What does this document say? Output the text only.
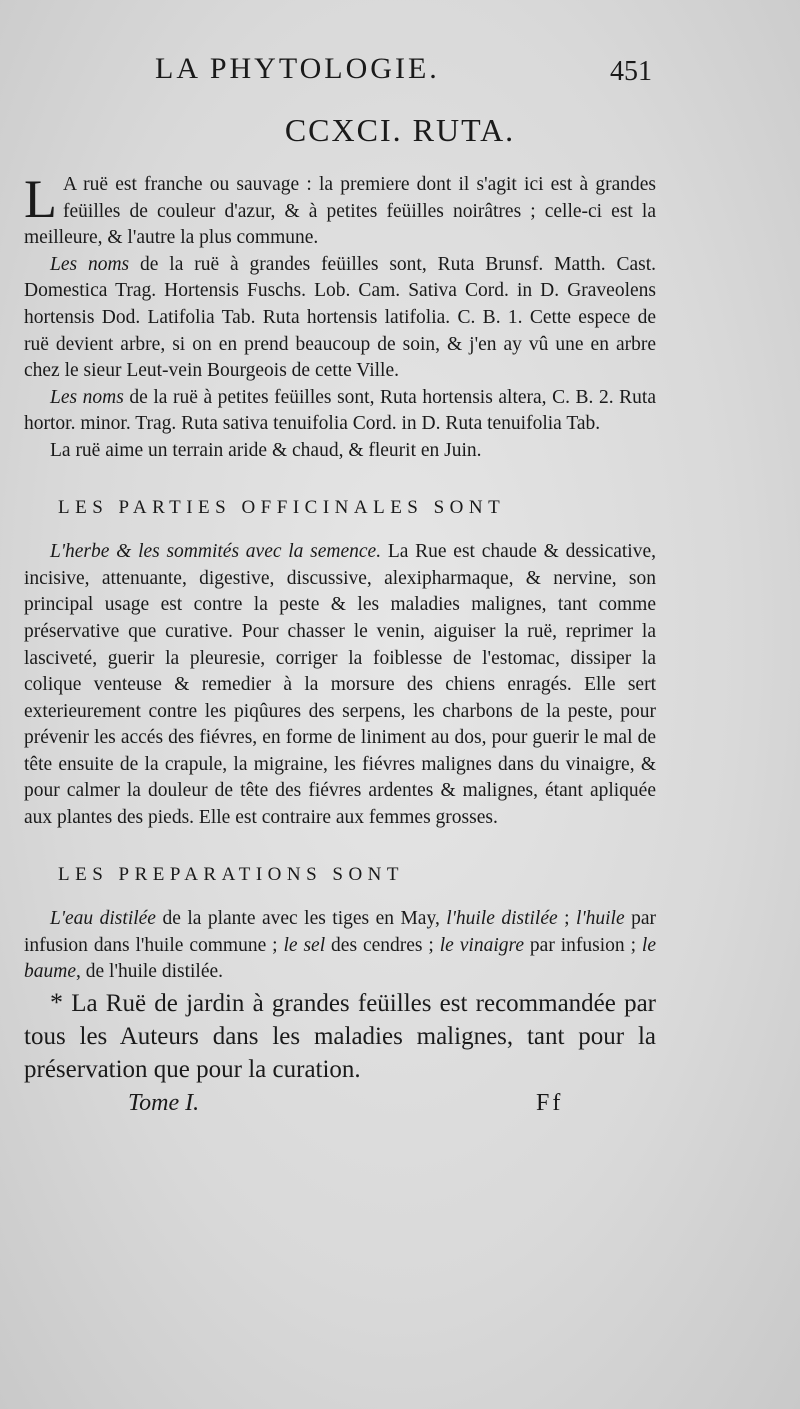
LA PHYTOLOGIE.	451
CCXCI. RUTA.

L A ruë est franche ou sauvage : la premiere dont il s'agit ici est à grandes feüilles de couleur d'azur, & à petites feüilles noirâtres ; celle-ci est la meilleure, & l'autre la plus commune.

Les noms de la ruë à grandes feüilles sont, Ruta Brunsf. Matth. Cast. Domestica Trag. Hortensis Fuschs. Lob. Cam. Sativa Cord. in D. Graveolens hortensis Dod. Latifolia Tab. Ruta hortensis latifolia. C. B. 1. Cette espece de ruë devient arbre, si on en prend beaucoup de soin, & j'en ay vû une en arbre chez le sieur Leut-vein Bourgeois de cette Ville.

Les noms de la ruë à petites feüilles sont, Ruta hortensis altera, C. B. 2. Ruta hortor. minor. Trag. Ruta sativa tenuifolia Cord. in D. Ruta tenuifolia Tab.

La ruë aime un terrain aride & chaud, & fleurit en Juin.

LES PARTIES OFFICINALES SONT

L'herbe & les sommités avec la semence. La Rue est chaude & dessicative, incisive, attenuante, digestive, discussive, alexipharmaque, & nervine, son principal usage est contre la peste & les maladies malignes, tant comme préservative que curative. Pour chasser le venin, aiguiser la ruë, reprimer la lasciveté, guerir la pleuresie, corriger la foiblesse de l'estomac, dissiper la colique venteuse & remedier à la morsure des chiens enragés. Elle sert exterieurement contre les piqûures des serpens, les charbons de la peste, pour prévenir les accés des fiévres, en forme de liniment au dos, pour guerir le mal de tête ensuite de la crapule, la migraine, les fiévres malignes dans du vinaigre, & pour calmer la douleur de tête des fiévres ardentes & malignes, étant apliquée aux plantes des pieds. Elle est contraire aux femmes grosses.

LES PREPARATIONS SONT

L'eau distilée de la plante avec les tiges en May, l'huile distilée ; l'huile par infusion dans l'huile commune ; le sel des cendres ; le vinaigre par infusion ; le baume, de l'huile distilée.

* La Ruë de jardin à grandes feüilles est recommandée par tous les Auteurs dans les maladies malignes, tant pour la préservation que pour la curation.

Tome I.	Ff
